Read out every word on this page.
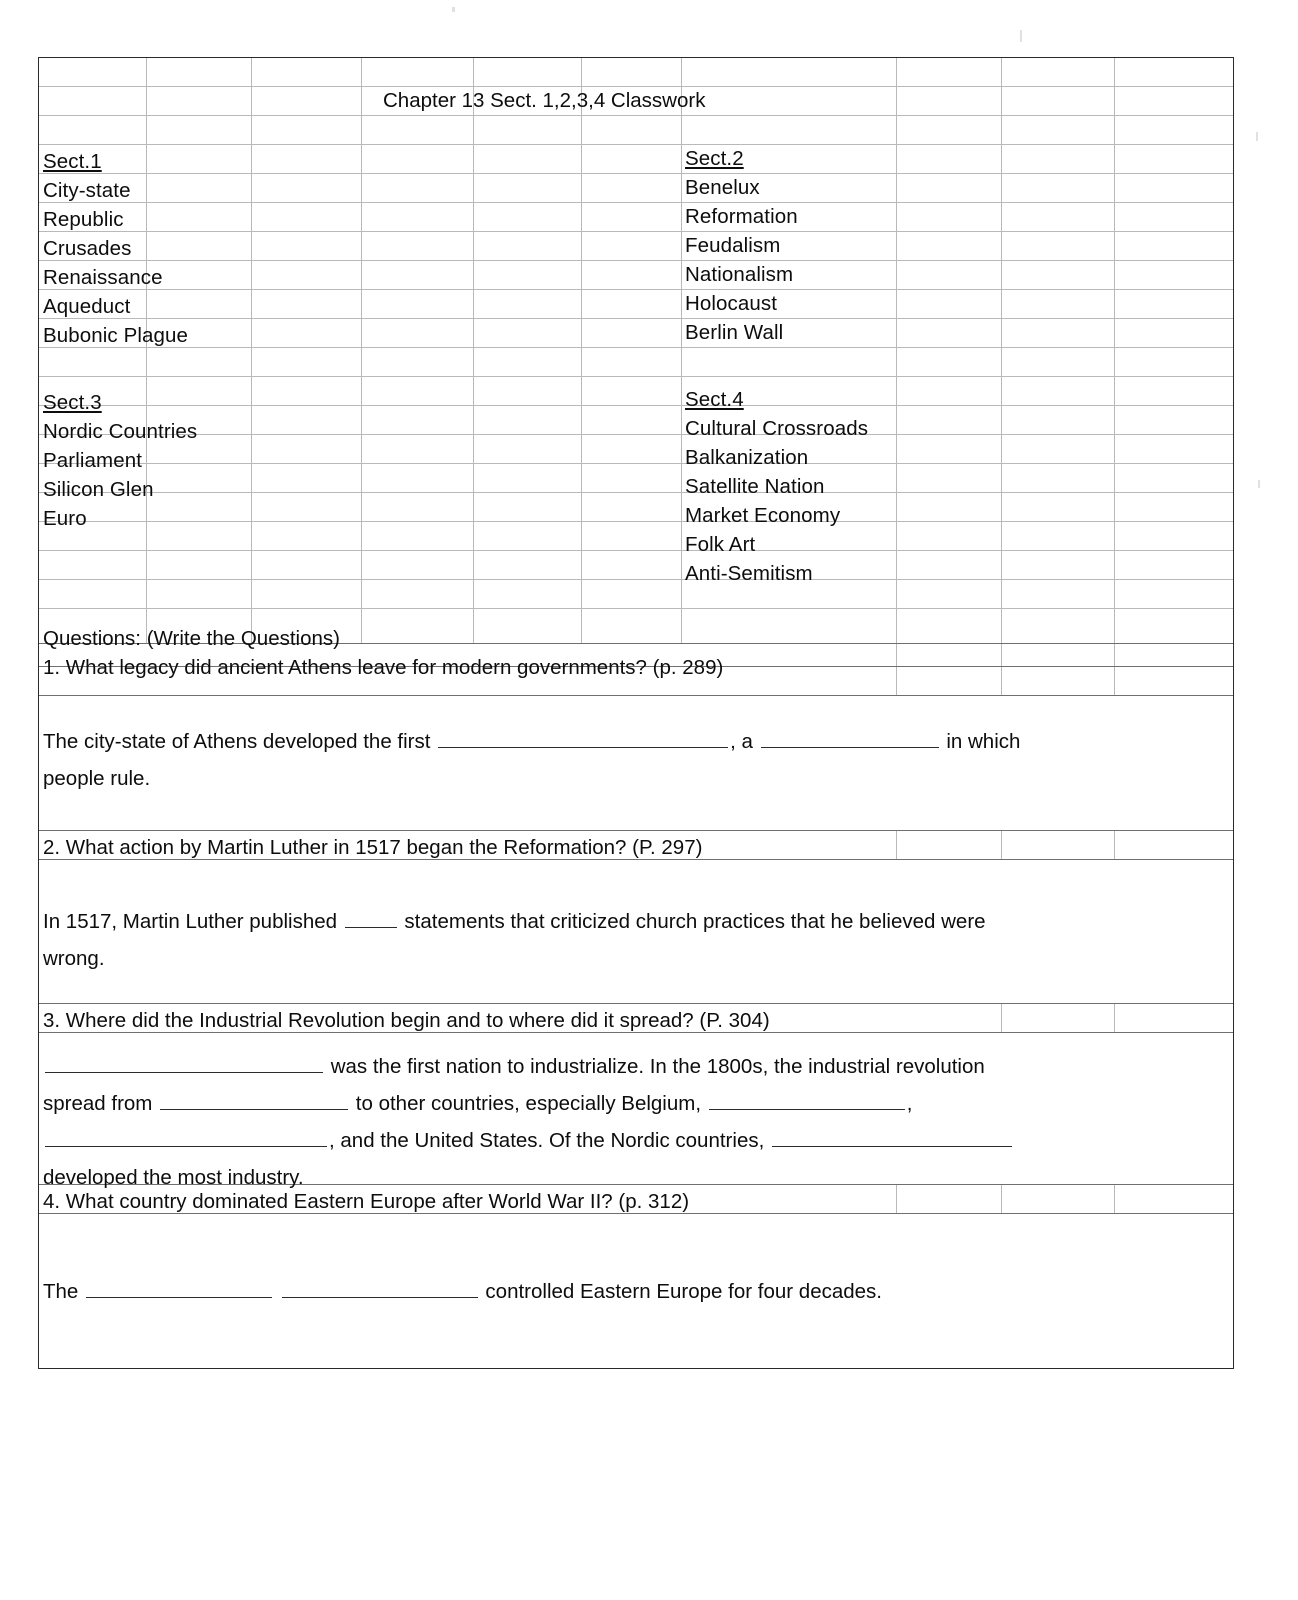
Chapter 13 Sect. 1,2,3,4 Classwork
Sect.1
City-state
Republic
Crusades
Renaissance
Aqueduct
Bubonic Plague
Sect.2
Benelux
Reformation
Feudalism
Nationalism
Holocaust
Berlin Wall
Sect.3
Nordic Countries
Parliament
Silicon Glen
Euro
Sect.4
Cultural Crossroads
Balkanization
Satellite Nation
Market Economy
Folk Art
Anti-Semitism
Questions: (Write the Questions)
1. What legacy did ancient Athens leave for modern governments? (p. 289)
The city-state of Athens developed the first	, a	in which
people rule.
2. What action by Martin Luther in 1517 began the Reformation? (P. 297)
In 1517, Martin Luther published	statements that criticized church practices that he believed were
wrong.
3. Where did the Industrial Revolution begin and to where did it spread? (P. 304)
was the first nation to industrialize. In the 1800s, the industrial revolution
spread from	to other countries, especially Belgium,	,
, and the United States. Of the Nordic countries,
developed the most industry.
4. What country dominated Eastern Europe after World War II? (p. 312)
The	controlled Eastern Europe for four decades.
